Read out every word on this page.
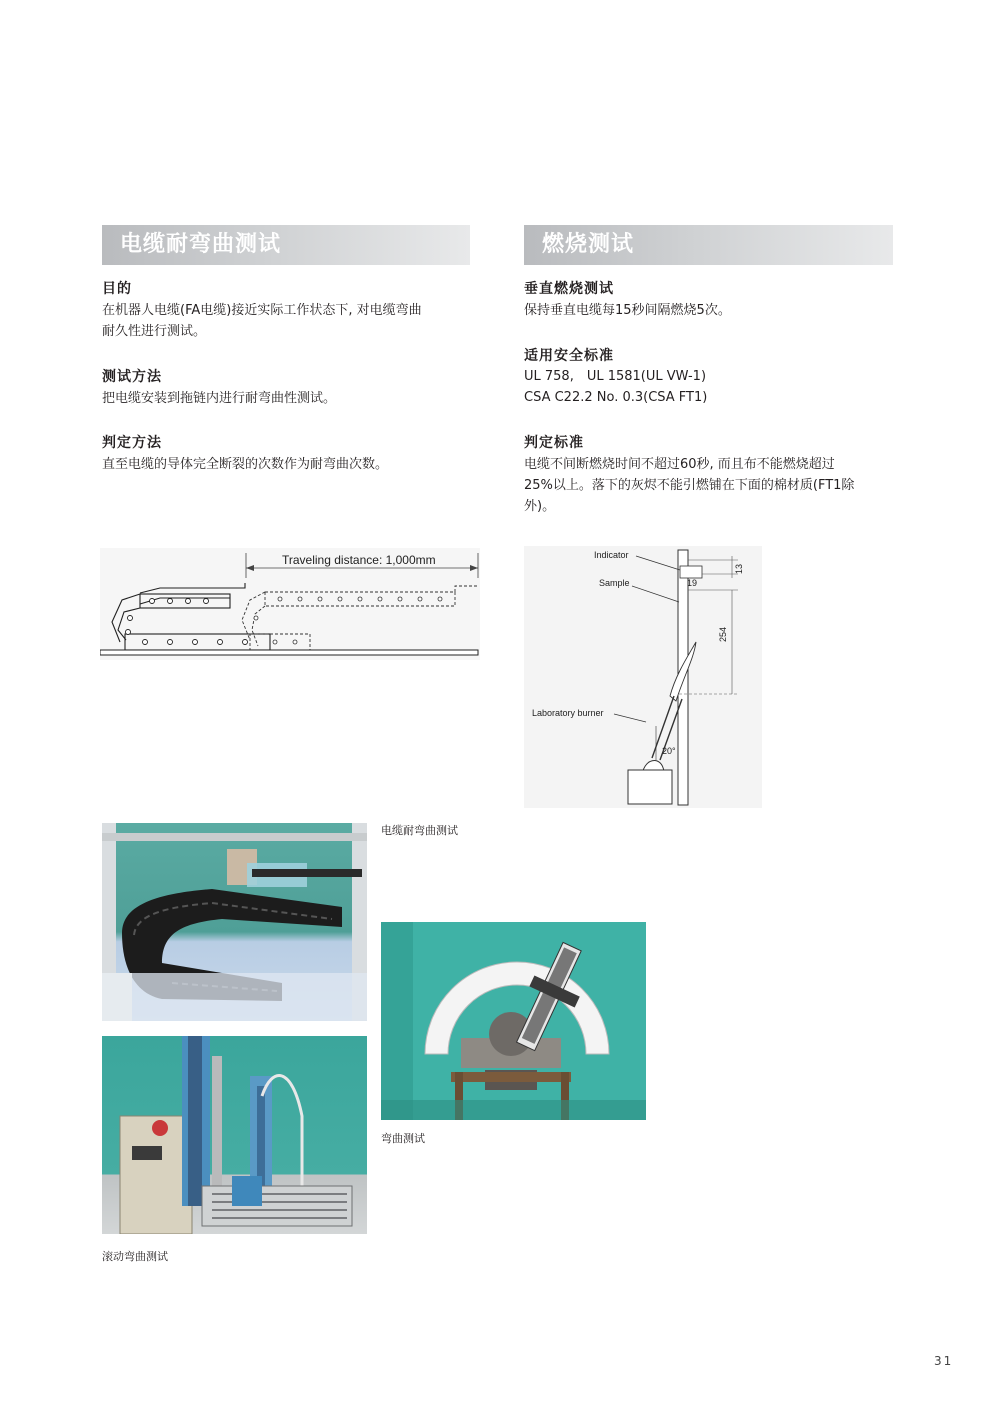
电缆耐弯曲测试
目的
在机器人电缆(FA电缆)接近实际工作状态下, 对电缆弯曲
耐久性进行测试。
测试方法
把电缆安装到拖链内进行耐弯曲性测试。
判定方法
直至电缆的导体完全断裂的次数作为耐弯曲次数。
Traveling distance: 1,000mm
燃烧测试
垂直燃烧测试
保持垂直电缆每15秒间隔燃烧5次。
适用安全标准
UL 758,　UL 1581(UL VW-1)
CSA C22.2 No. 0.3(CSA FT1)
判定标准
电缆不间断燃烧时间不超过60秒, 而且布不能燃烧超过
25%以上。落下的灰烬不能引燃铺在下面的棉材质(FT1除
外)。
19
13
254
Indicator
Sample
Laboratory burner
20°
电缆耐弯曲测试
弯曲测试
滚动弯曲测试
31
